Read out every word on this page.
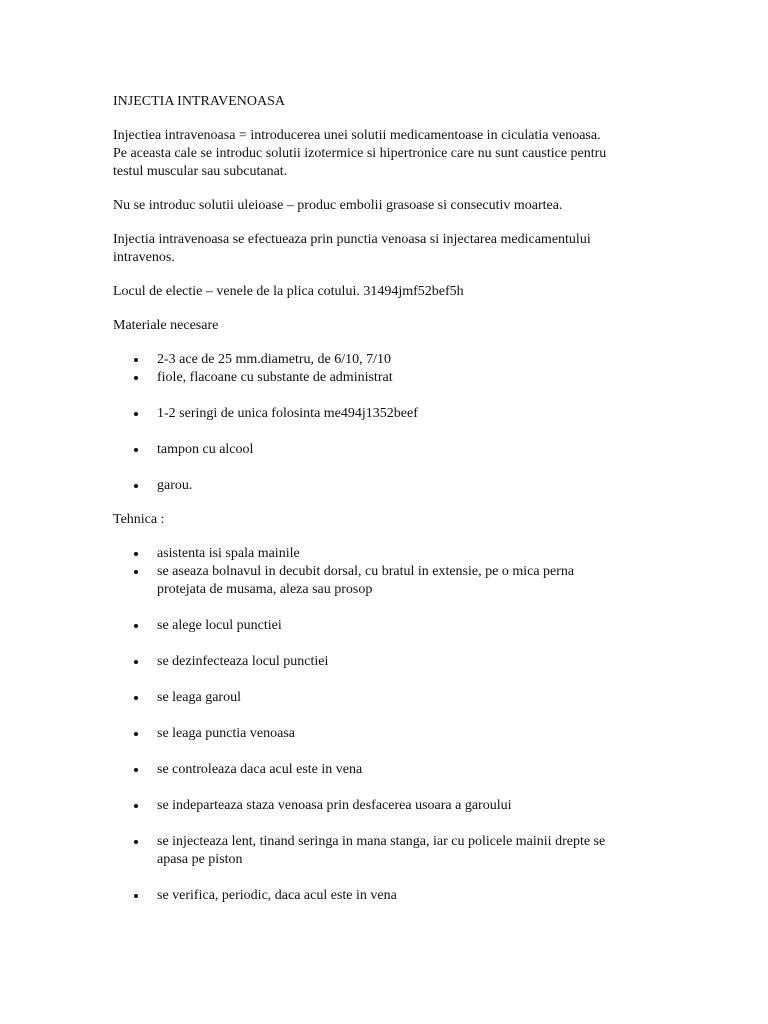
INJECTIA INTRAVENOASA
Injectiea intravenoasa = introducerea unei solutii medicamentoase in ciculatia venoasa.
Pe aceasta cale se introduc solutii izotermice si hipertronice care nu sunt caustice pentru
testul muscular sau subcutanat.
Nu se introduc solutii uleioase – produc embolii grasoase si consecutiv moartea.
Injectia intravenoasa se efectueaza prin punctia venoasa si injectarea medicamentului
intravenos.
Locul de electie – venele de la plica cotului. 31494jmf52bef5h
Materiale necesare
2-3 ace de 25 mm.diametru, de 6/10, 7/10
fiole, flacoane cu substante de administrat
1-2 seringi de unica folosinta me494j1352beef
tampon cu alcool
garou.
Tehnica :
asistenta isi spala mainile
se aseaza bolnavul in decubit dorsal, cu bratul in extensie, pe o mica perna
protejata de musama, aleza sau prosop
se alege locul punctiei
se dezinfecteaza locul punctiei
se leaga garoul
se leaga punctia venoasa
se controleaza daca acul este in vena
se indeparteaza staza venoasa prin desfacerea usoara a garoului
se injecteaza lent, tinand seringa in mana stanga, iar cu policele mainii drepte se
apasa pe piston
se verifica, periodic, daca acul este in vena
